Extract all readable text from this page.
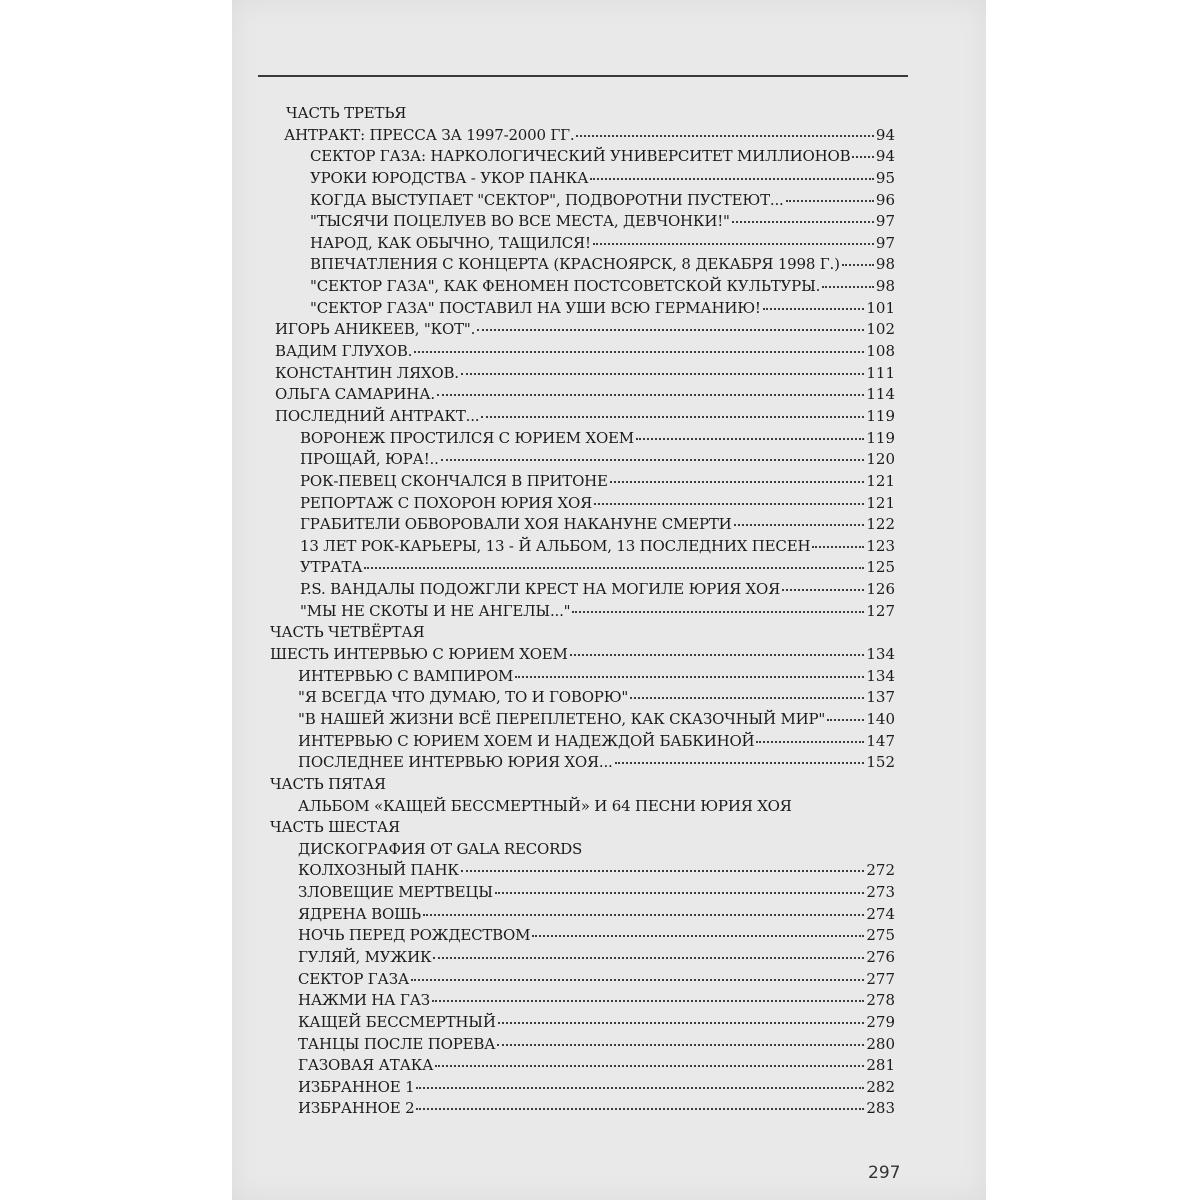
ЧАСТЬ ТРЕТЬЯ
АНТРАКТ: ПРЕССА ЗА 1997-2000 ГГ.	94
СЕКТОР ГАЗА: НАРКОЛОГИЧЕСКИЙ УНИВЕРСИТЕТ МИЛЛИОНОВ 94
УРОКИ ЮРОДСТВА - УКОР ПАНКА	95
КОГДА ВЫСТУПАЕТ "СЕКТОР", ПОДВОРОТНИ ПУСТЕЮТ...	96
"ТЫСЯЧИ ПОЦЕЛУЕВ ВО ВСЕ МЕСТА, ДЕВЧОНКИ!"	97
НАРОД, КАК ОБЫЧНО, ТАЩИЛСЯ!	97
ВПЕЧАТЛЕНИЯ С КОНЦЕРТА (КРАСНОЯРСК, 8 ДЕКАБРЯ 1998 Г.) 98
"СЕКТОР ГАЗА", КАК ФЕНОМЕН ПОСТСОВЕТСКОЙ КУЛЬТУРЫ.	98
"СЕКТОР ГАЗА" ПОСТАВИЛ НА УШИ ВСЮ ГЕРМАНИЮ!	101
ИГОРЬ АНИКЕЕВ, "КОТ".	102
ВАДИМ ГЛУХОВ.	108
КОНСТАНТИН ЛЯХОВ.	111
ОЛЬГА САМАРИНА.	114
ПОСЛЕДНИЙ АНТРАКТ...	119
ВОРОНЕЖ ПРОСТИЛСЯ С ЮРИЕМ ХОЕМ	119
ПРОЩАЙ, ЮРА!..	120
РОК-ПЕВЕЦ СКОНЧАЛСЯ В ПРИТОНЕ	121
РЕПОРТАЖ С ПОХОРОН ЮРИЯ ХОЯ	121
ГРАБИТЕЛИ ОБВОРОВАЛИ ХОЯ НАКАНУНЕ СМЕРТИ	122
13 ЛЕТ РОК-КАРЬЕРЫ, 13 - Й АЛЬБОМ, 13 ПОСЛЕДНИХ ПЕСЕН	123
УТРАТА	125
P.S. ВАНДАЛЫ ПОДОЖГЛИ КРЕСТ НА МОГИЛЕ ЮРИЯ ХОЯ	126
"МЫ НЕ СКОТЫ И НЕ АНГЕЛЫ..."	127
ЧАСТЬ ЧЕТВЁРТАЯ
ШЕСТЬ ИНТЕРВЬЮ С ЮРИЕМ ХОЕМ	134
ИНТЕРВЬЮ С ВАМПИРОМ	134
"Я ВСЕГДА ЧТО ДУМАЮ, ТО И ГОВОРЮ"	137
"В НАШЕЙ ЖИЗНИ ВСЁ ПЕРЕПЛЕТЕНО, КАК СКАЗОЧНЫЙ МИР"	140
ИНТЕРВЬЮ С ЮРИЕМ ХОЕМ И НАДЕЖДОЙ БАБКИНОЙ	147
ПОСЛЕДНЕЕ ИНТЕРВЬЮ ЮРИЯ ХОЯ...	152
ЧАСТЬ ПЯТАЯ
АЛЬБОМ «КАЩЕЙ БЕССМЕРТНЫЙ» И 64 ПЕСНИ ЮРИЯ ХОЯ
ЧАСТЬ ШЕСТАЯ
ДИСКОГРАФИЯ ОТ GALA RECORDS
КОЛХОЗНЫЙ ПАНК	272
ЗЛОВЕЩИЕ МЕРТВЕЦЫ	273
ЯДРЕНА ВОШЬ	274
НОЧЬ ПЕРЕД РОЖДЕСТВОМ	275
ГУЛЯЙ, МУЖИК	276
СЕКТОР ГАЗА	277
НАЖМИ НА ГАЗ	278
КАЩЕЙ БЕССМЕРТНЫЙ	279
ТАНЦЫ ПОСЛЕ ПОРЕВА	280
ГАЗОВАЯ АТАКА	281
ИЗБРАННОЕ 1	282
ИЗБРАННОЕ 2	283
297
